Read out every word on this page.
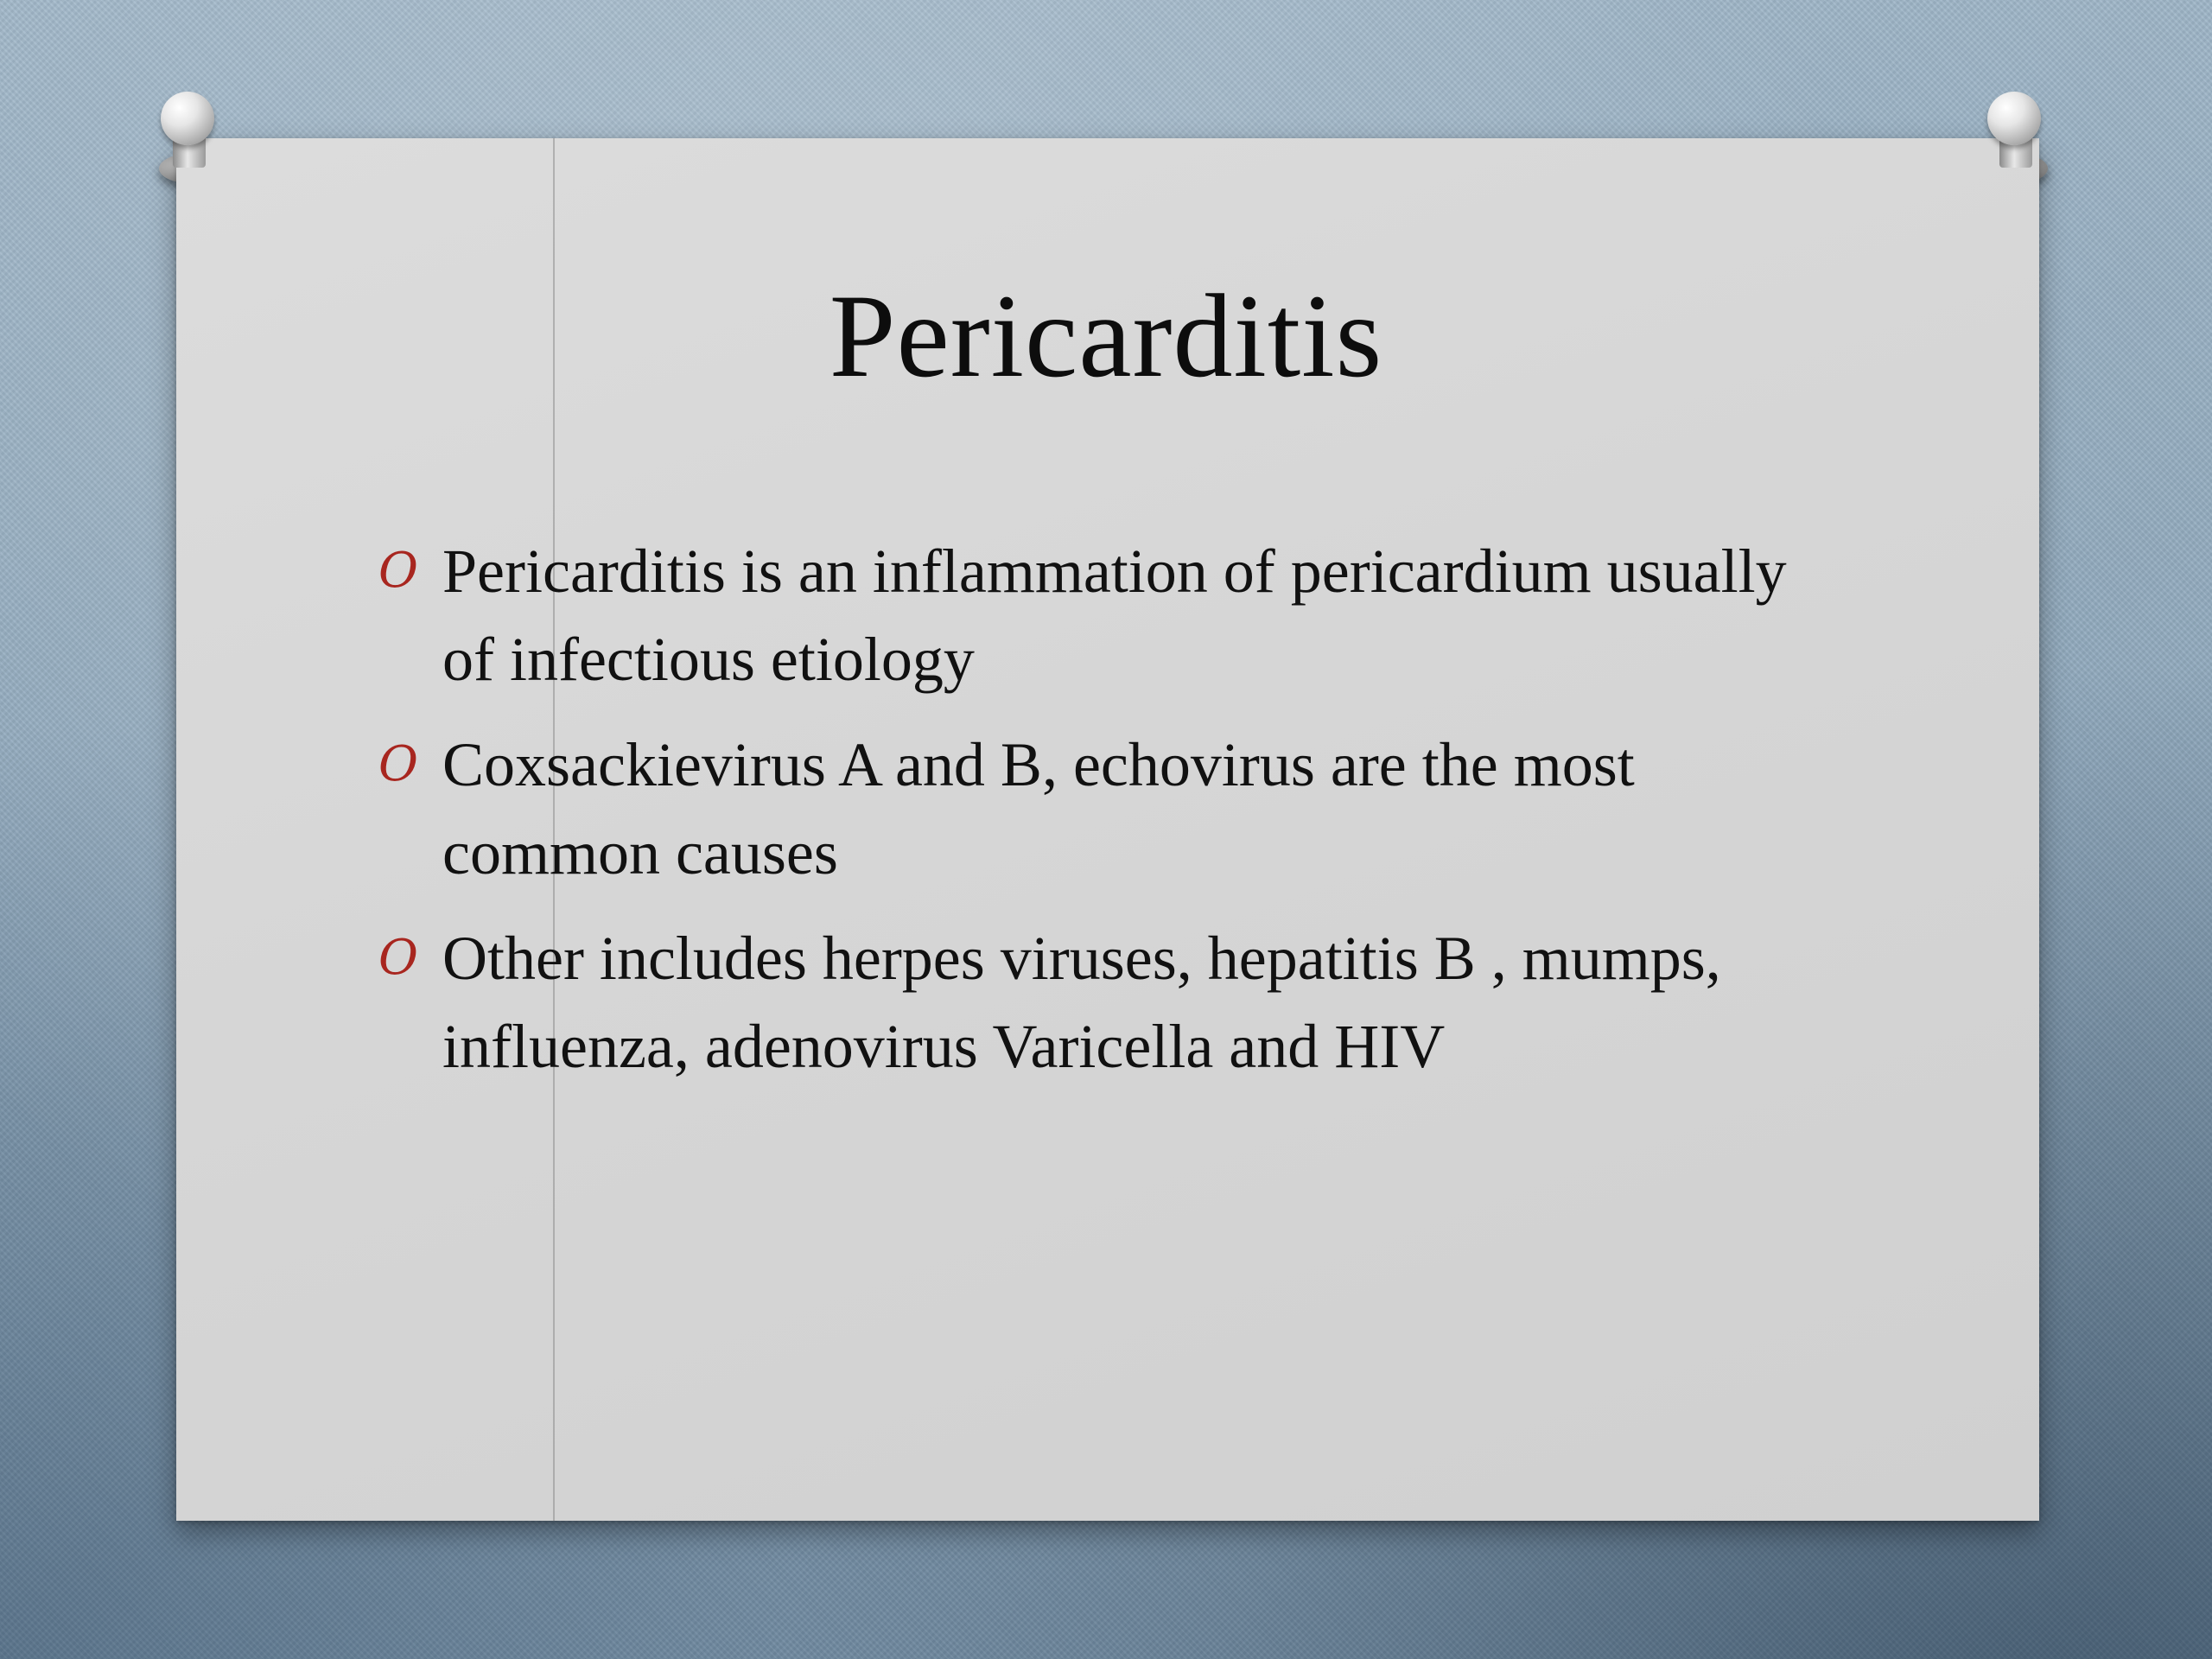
Pericarditis
O Pericarditis is an inflammation of pericardium usually of infectious etiology
O Coxsackievirus A and B, echovirus are the most common causes
O Other includes herpes viruses, hepatitis B , mumps, influenza, adenovirus Varicella and HIV
